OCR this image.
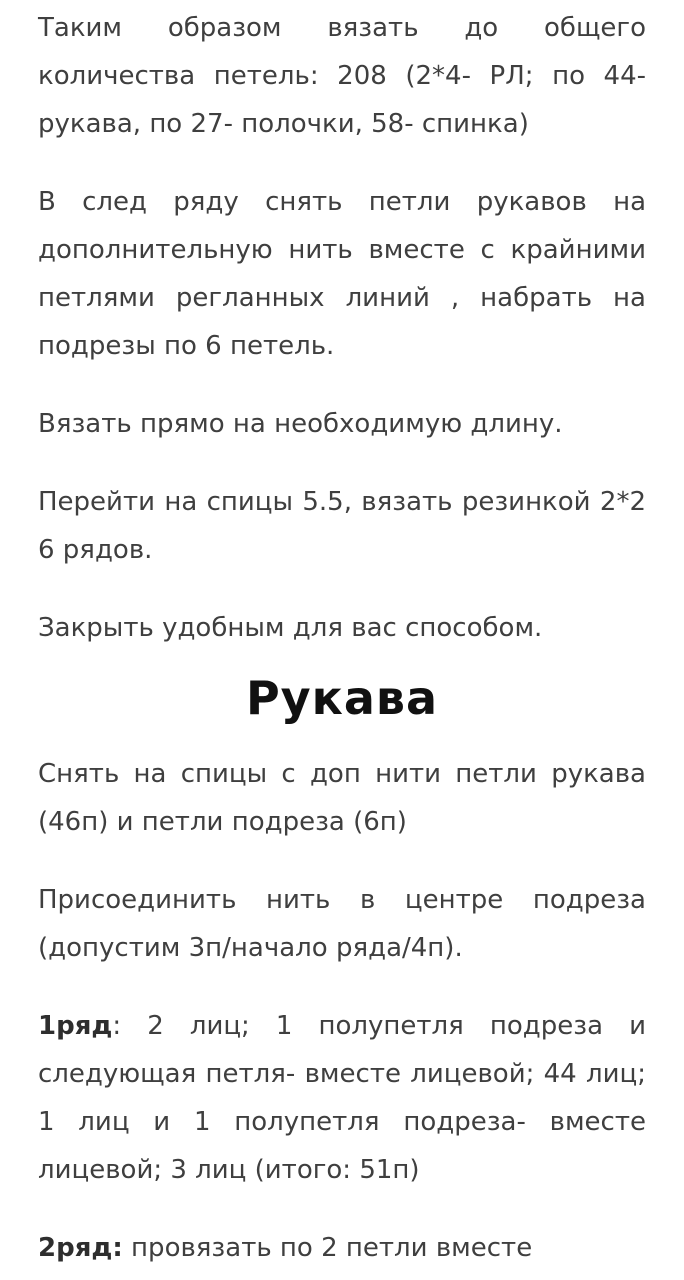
Таким образом вязать до общего количества петель: 208 (2*4- РЛ; по 44- рукава, по 27- полочки, 58- спинка)

В след ряду снять петли рукавов на дополнительную нить вместе с крайними петлями регланных линий , набрать на подрезы по 6 петель.

Вязать прямо на необходимую длину.

Перейти на спицы 5.5, вязать резинкой 2*2 6 рядов.

Закрыть удобным для вас способом.

Рукава

Снять на спицы с доп нити петли рукава (46п) и петли подреза (6п)

Присоединить нить в центре подреза (допустим 3п/начало ряда/4п).

1ряд: 2 лиц; 1 полупетля подреза и следующая петля- вместе лицевой; 44 лиц; 1 лиц и 1 полупетля подреза- вместе лицевой; 3 лиц (итого: 51п)

2ряд: провязать по 2 петли вместе
